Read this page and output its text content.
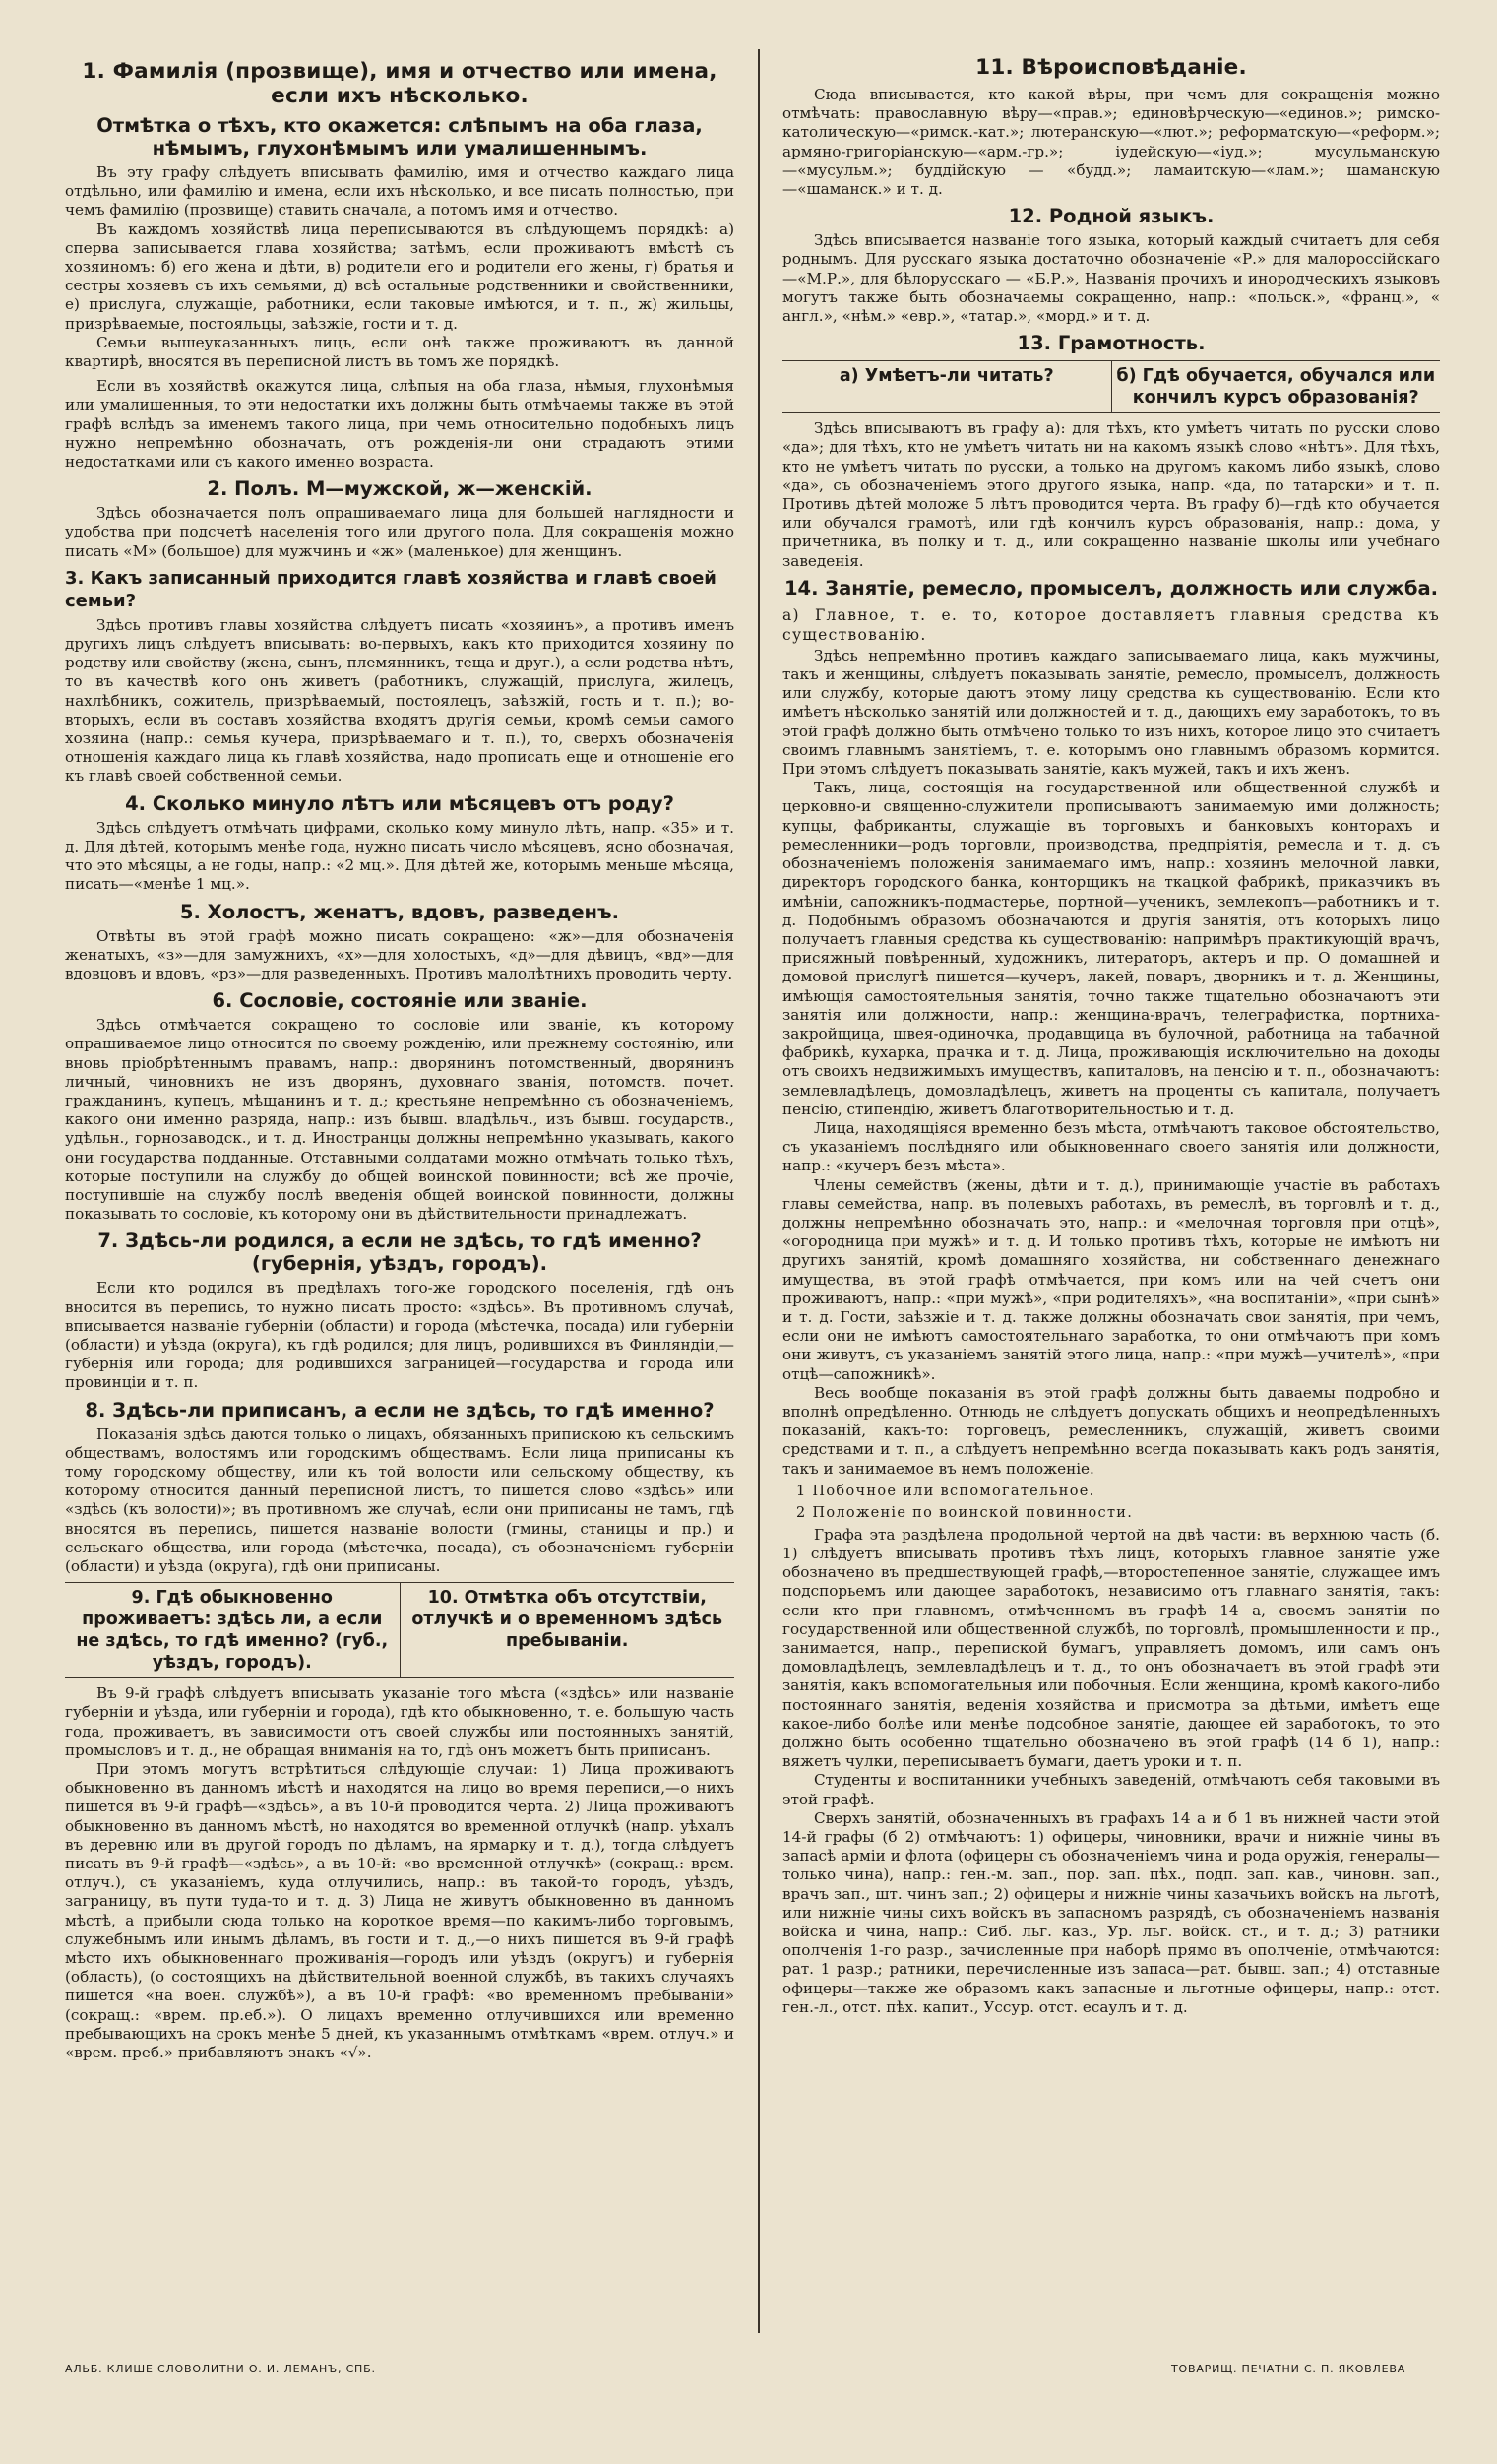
1. Фамилія (прозвище), имя и отчество или имена, если ихъ нѣсколько.
Отмѣтка о тѣхъ, кто окажется: слѣпымъ на оба глаза, нѣмымъ, глухонѣмымъ или умалишеннымъ.

Въ эту графу слѣдуетъ вписывать фамилію, имя и отчество каждаго лица отдѣльно, или фамилію и имена, если ихъ нѣсколько, и все писать полностью, при чемъ фамилію (прозвище) ставить сначала, а потомъ имя и отчество.

Въ каждомъ хозяйствѣ лица переписываются въ слѣдующемъ порядкѣ: а) сперва записывается глава хозяйства; затѣмъ, если проживаютъ вмѣстѣ съ хозяиномъ: б) его жена и дѣти, в) родители его и родители его жены, г) братья и сестры хозяевъ съ ихъ семьями, д) всѣ остальные родственники и свойственники, е) прислуга, служащіе, работники, если таковые имѣются, и т. п., ж) жильцы, призрѣваемые, постояльцы, заѣзжіе, гости и т. д.

Семьи вышеуказанныхъ лицъ, если онѣ также проживаютъ въ данной квартирѣ, вносятся въ переписной листъ въ томъ же порядкѣ.

Если въ хозяйствѣ окажутся лица, слѣпыя на оба глаза, нѣмыя, глухонѣмыя или умалишенныя, то эти недостатки ихъ должны быть отмѣчаемы также въ этой графѣ вслѣдъ за именемъ такого лица, при чемъ относительно подобныхъ лицъ нужно непремѣнно обозначать, отъ рожденія-ли они страдаютъ этими недостатками или съ какого именно возраста.

2. Полъ. М—мужской, ж—женскій.

Здѣсь обозначается полъ опрашиваемаго лица для большей наглядности и удобства при подсчетѣ населенія того или другого пола. Для сокращенія можно писать «М» (большое) для мужчинъ и «ж» (маленькое) для женщинъ.

3. Какъ записанный приходится главѣ хозяйства и главѣ своей семьи?

Здѣсь противъ главы хозяйства слѣдуетъ писать «хозяинъ», а противъ именъ другихъ лицъ слѣдуетъ вписывать: во-первыхъ, какъ кто приходится хозяину по родству или свойству (жена, сынъ, племянникъ, теща и друг.), а если родства нѣтъ, то въ качествѣ кого онъ живетъ (работникъ, служащій, прислуга, жилецъ, нахлѣбникъ, сожитель, призрѣваемый, постоялецъ, заѣзжій, гость и т. п.); во-вторыхъ, если въ составъ хозяйства входятъ другія семьи, кромѣ семьи самого хозяина (напр.: семья кучера, призрѣваемаго и т. п.), то, сверхъ обозначенія отношенія каждаго лица къ главѣ хозяйства, надо прописать еще и отношеніе его къ главѣ своей собственной семьи.

4. Сколько минуло лѣтъ или мѣсяцевъ отъ роду?

Здѣсь слѣдуетъ отмѣчать цифрами, сколько кому минуло лѣтъ, напр. «35» и т. д. Для дѣтей, которымъ менѣе года, нужно писать число мѣсяцевъ, ясно обозначая, что это мѣсяцы, а не годы, напр.: «2 мц.». Для дѣтей же, которымъ меньше мѣсяца, писать—«менѣе 1 мц.».

5. Холостъ, женатъ, вдовъ, разведенъ.

Отвѣты въ этой графѣ можно писать сокращено: «ж»—для обозначенія женатыхъ, «з»—для замужнихъ, «х»—для холостыхъ, «д»—для дѣвицъ, «вд»—для вдовцовъ и вдовъ, «рз»—для разведенныхъ. Противъ малолѣтнихъ проводить черту.

6. Сословіе, состояніе или званіе.

Здѣсь отмѣчается сокращено то сословіе или званіе, къ которому опрашиваемое лицо относится по своему рожденію, или прежнему состоянію, или вновь пріобрѣтеннымъ правамъ, напр.: дворянинъ потомственный, дворянинъ личный, чиновникъ не изъ дворянъ, духовнаго званія, потомств. почет. гражданинъ, купецъ, мѣщанинъ и т. д.; крестьяне непремѣнно съ обозначеніемъ, какого они именно разряда, напр.: изъ бывш. владѣльч., изъ бывш. государств., удѣльн., горнозаводск., и т. д. Иностранцы должны непремѣнно указывать, какого они государства подданные. Отставными солдатами можно отмѣчать только тѣхъ, которые поступили на службу до общей воинской повинности; всѣ же прочіе, поступившіе на службу послѣ введенія общей воинской повинности, должны показывать то сословіе, къ которому они въ дѣйствительности принадлежатъ.

7. Здѣсь-ли родился, а если не здѣсь, то гдѣ именно? (губернія, уѣздъ, городъ).

Если кто родился въ предѣлахъ того-же городского поселенія, гдѣ онъ вносится въ перепись, то нужно писать просто: «здѣсь». Въ противномъ случаѣ, вписывается названіе губерніи (области) и города (мѣстечка, посада) или губерніи (области) и уѣзда (округа), къ гдѣ родился; для лицъ, родившихся въ Финляндіи,—губернія или города; для родившихся заграницей—государства и города или провинціи и т. п.

8. Здѣсь-ли приписанъ, а если не здѣсь, то гдѣ именно?

Показанія здѣсь даются только о лицахъ, обязанныхъ припискою къ сельскимъ обществамъ, волостямъ или городскимъ обществамъ. Если лица приписаны къ тому городскому обществу, или къ той волости или сельскому обществу, къ которому относится данный переписной листъ, то пишется слово «здѣсь» или «здѣсь (къ волости)»; въ противномъ же случаѣ, если они приписаны не тамъ, гдѣ вносятся въ перепись, пишется названіе волости (гмины, станицы и пр.) и сельскаго общества, или города (мѣстечка, посада), съ обозначеніемъ губерніи (области) и уѣзда (округа), гдѣ они приписаны.

9. Гдѣ обыкновенно проживаетъ: здѣсь ли, а если не здѣсь, то гдѣ именно? (губ., уѣздъ, городъ).
10. Отмѣтка объ отсутствіи, отлучкѣ и о временномъ здѣсь пребываніи.

Въ 9-й графѣ слѣдуетъ вписывать указаніе того мѣста («здѣсь» или названіе губерніи и уѣзда, или губерніи и города), гдѣ кто обыкновенно, т. е. большую часть года, проживаетъ, въ зависимости отъ своей службы или постоянныхъ занятій, промысловъ и т. д., не обращая вниманія на то, гдѣ онъ можетъ быть приписанъ.

При этомъ могутъ встрѣтиться слѣдующіе случаи: 1) Лица проживаютъ обыкновенно въ данномъ мѣстѣ и находятся на лицо во время переписи,—о нихъ пишется въ 9-й графѣ—«здѣсь», а въ 10-й проводится черта. 2) Лица проживаютъ обыкновенно въ данномъ мѣстѣ, но находятся во временной отлучкѣ (напр. уѣхалъ въ деревню или въ другой городъ по дѣламъ, на ярмарку и т. д.), тогда слѣдуетъ писать въ 9-й графѣ—«здѣсь», а въ 10-й: «во временной отлучкѣ» (сокращ.: врем. отлуч.), съ указаніемъ, куда отлучились, напр.: въ такой-то городъ, уѣздъ, заграницу, въ пути туда-то и т. д. 3) Лица не живутъ обыкновенно въ данномъ мѣстѣ, а прибыли сюда только на короткое время—по какимъ-либо торговымъ, служебнымъ или инымъ дѣламъ, въ гости и т. д.,—о нихъ пишется въ 9-й графѣ мѣсто ихъ обыкновеннаго проживанія—городъ или уѣздъ (округъ) и губернія (область), (о состоящихъ на дѣйствительной военной службѣ, въ такихъ случаяхъ пишется «на воен. службѣ»), а въ 10-й графѣ: «во временномъ пребываніи» (сокращ.: «врем. пр.еб.»). О лицахъ временно отлучившихся или временно пребывающихъ на срокъ менѣе 5 дней, къ указаннымъ отмѣткамъ «врем. отлуч.» и «врем. преб.» прибавляютъ знакъ «√».

11. Вѣроисповѣданіе.

Сюда вписывается, кто какой вѣры, при чемъ для сокращенія можно отмѣчать: православную вѣру—«прав.»; единовѣрческую—«единов.»; римско-католическую—«римск.-кат.»; лютеранскую—«лют.»; реформатскую—«реформ.»; армяно-григоріанскую—«арм.-гр.»; іудейскую—«іуд.»; мусульманскую—«мусульм.»; буддійскую — «будд.»; ламаитскую—«лам.»; шаманскую—«шаманск.» и т. д.

12. Родной языкъ.

Здѣсь вписывается названіе того языка, который каждый считаетъ для себя роднымъ. Для русскаго языка достаточно обозначеніе «Р.» для малороссійскаго—«М.Р.», для бѣлорусскаго — «Б.Р.», Названія прочихъ и инородческихъ языковъ могутъ также быть обозначаемы сокращенно, напр.: «польск.», «франц.», « англ.», «нѣм.» «евр.», «татар.», «морд.» и т. д.

13. Грамотность.
а) Умѣетъ-ли читать?	б) Гдѣ обучается, обучался или кончилъ курсъ образованія?

Здѣсь вписываютъ въ графу а): для тѣхъ, кто умѣетъ читать по русски слово «да»; для тѣхъ, кто не умѣетъ читать ни на какомъ языкѣ слово «нѣтъ». Для тѣхъ, кто не умѣетъ читать по русски, а только на другомъ какомъ либо языкѣ, слово «да», съ обозначеніемъ этого другого языка, напр. «да, по татарски» и т. п. Противъ дѣтей моложе 5 лѣтъ проводится черта. Въ графу б)—гдѣ кто обучается или обучался грамотѣ, или гдѣ кончилъ курсъ образованія, напр.: дома, у причетника, въ полку и т. д., или сокращенно названіе школы или учебнаго заведенія.

14. Занятіе, ремесло, промыселъ, должность или служба.

а) Главное, т. е. то, которое доставляетъ главныя средства къ существованію.

Здѣсь непремѣнно противъ каждаго записываемаго лица, какъ мужчины, такъ и женщины, слѣдуетъ показывать занятіе, ремесло, промыселъ, должность или службу, которые даютъ этому лицу средства къ существованію. Если кто имѣетъ нѣсколько занятій или должностей и т. д., дающихъ ему заработокъ, то въ этой графѣ должно быть отмѣчено только то изъ нихъ, которое лицо это считаетъ своимъ главнымъ занятіемъ, т. е. которымъ оно главнымъ образомъ кормится. При этомъ слѣдуетъ показывать занятіе, какъ мужей, такъ и ихъ женъ.

Такъ, лица, состоящія на государственной или общественной службѣ и церковно-и священно-служители прописываютъ занимаемую ими должность; купцы, фабриканты, служащіе въ торговыхъ и банковыхъ конторахъ и ремесленники—родъ торговли, производства, предпріятія, ремесла и т. д. съ обозначеніемъ положенія занимаемаго имъ, напр.: хозяинъ мелочной лавки, директоръ городского банка, конторщикъ на ткацкой фабрикѣ, приказчикъ въ имѣніи, сапожникъ-подмастерье, портной—ученикъ, землекопъ—работникъ и т. д. Подобнымъ образомъ обозначаются и другія занятія, отъ которыхъ лицо получаетъ главныя средства къ существованію: напримѣръ практикующій врачъ, присяжный повѣренный, художникъ, литераторъ, актеръ и пр. О домашней и домовой прислугѣ пишется—кучеръ, лакей, поваръ, дворникъ и т. д. Женщины, имѣющія самостоятельныя занятія, точно также тщательно обозначаютъ эти занятія или должности, напр.: женщина-врачъ, телеграфистка, портниха-закройщица, швея-одиночка, продавщица въ булочной, работница на табачной фабрикѣ, кухарка, прачка и т. д. Лица, проживающія исключительно на доходы отъ своихъ недвижимыхъ имуществъ, капиталовъ, на пенсію и т. п., обозначаютъ: землевладѣлецъ, домовладѣлецъ, живетъ на проценты съ капитала, получаетъ пенсію, стипендію, живетъ благотворительностью и т. д.

Лица, находящіяся временно безъ мѣста, отмѣчаютъ таковое обстоятельство, съ указаніемъ послѣдняго или обыкновеннаго своего занятія или должности, напр.: «кучеръ безъ мѣста».

Члены семействъ (жены, дѣти и т. д.), принимающіе участіе въ работахъ главы семейства, напр. въ полевыхъ работахъ, въ ремеслѣ, въ торговлѣ и т. д., должны непремѣнно обозначать это, напр.: и «мелочная торговля при отцѣ», «огородница при мужѣ» и т. д. И только противъ тѣхъ, которые не имѣютъ ни другихъ занятій, кромѣ домашняго хозяйства, ни собственнаго денежнаго имущества, въ этой графѣ отмѣчается, при комъ или на чей счетъ они проживаютъ, напр.: «при мужѣ», «при родителяхъ», «на воспитаніи», «при сынѣ» и т. д. Гости, заѣзжіе и т. д. также должны обозначать свои занятія, при чемъ, если они не имѣютъ самостоятельнаго заработка, то они отмѣчаютъ при комъ они живутъ, съ указаніемъ занятій этого лица, напр.: «при мужѣ—учителѣ», «при отцѣ—сапожникѣ».

Весь вообще показанія въ этой графѣ должны быть даваемы подробно и вполнѣ опредѣленно. Отнюдь не слѣдуетъ допускать общихъ и неопредѣленныхъ показаній, какъ-то: торговецъ, ремесленникъ, служащій, живетъ своими средствами и т. п., а слѣдуетъ непремѣнно всегда показывать какъ родъ занятія, такъ и занимаемое въ немъ положеніе.

1 Побочное или вспомогательное.

2 Положеніе по воинской повинности.

Графа эта раздѣлена продольной чертой на двѣ части: въ верхнюю часть (б. 1) слѣдуетъ вписывать противъ тѣхъ лицъ, которыхъ главное занятіе уже обозначено въ предшествующей графѣ,—второстепенное занятіе, служащее имъ подспорьемъ или дающее заработокъ, независимо отъ главнаго занятія, такъ: если кто при главномъ, отмѣченномъ въ графѣ 14 а, своемъ занятіи по государственной или общественной службѣ, по торговлѣ, промышленности и пр., занимается, напр., перепиской бумагъ, управляетъ домомъ, или самъ онъ домовладѣлецъ, землевладѣлецъ и т. д., то онъ обозначаетъ въ этой графѣ эти занятія, какъ вспомогательныя или побочныя. Если женщина, кромѣ какого-либо постояннаго занятія, веденія хозяйства и присмотра за дѣтьми, имѣетъ еще какое-либо болѣе или менѣе подсобное занятіе, дающее ей заработокъ, то это должно быть особенно тщательно обозначено въ этой графѣ (14 б 1), напр.: вяжетъ чулки, переписываетъ бумаги, даетъ уроки и т. п.

Студенты и воспитанники учебныхъ заведеній, отмѣчаютъ себя таковыми въ этой графѣ.

Сверхъ занятій, обозначенныхъ въ графахъ 14 а и б 1 въ нижней части этой 14-й графы (б 2) отмѣчаютъ: 1) офицеры, чиновники, врачи и нижніе чины въ запасѣ арміи и флота (офицеры съ обозначеніемъ чина и рода оружія, генералы—только чина), напр.: ген.-м. зап., пор. зап. пѣх., подп. зап. кав., чиновн. зап., врачъ зап., шт. чинъ зап.; 2) офицеры и нижніе чины казачьихъ войскъ на льготѣ, или нижніе чины сихъ войскъ въ запасномъ разрядѣ, съ обозначеніемъ названія войска и чина, напр.: Сиб. льг. каз., Ур. льг. войск. ст., и т. д.; 3) ратники ополченія 1-го разр., зачисленные при наборѣ прямо въ ополченіе, отмѣчаются: рат. 1 разр.; ратники, перечисленные изъ запаса—рат. бывш. зап.; 4) отставные офицеры—также же образомъ какъ запасные и льготные офицеры, напр.: отст. ген.-л., отст. пѣх. капит., Уссур. отст. есаулъ и т. д.

АЛЬБ. КЛИШЕ СЛОВОЛИТНИ О. И. ЛЕМАНЪ, СПБ.	ТОВАРИЩ. ПЕЧАТНИ С. П. ЯКОВЛЕВА
